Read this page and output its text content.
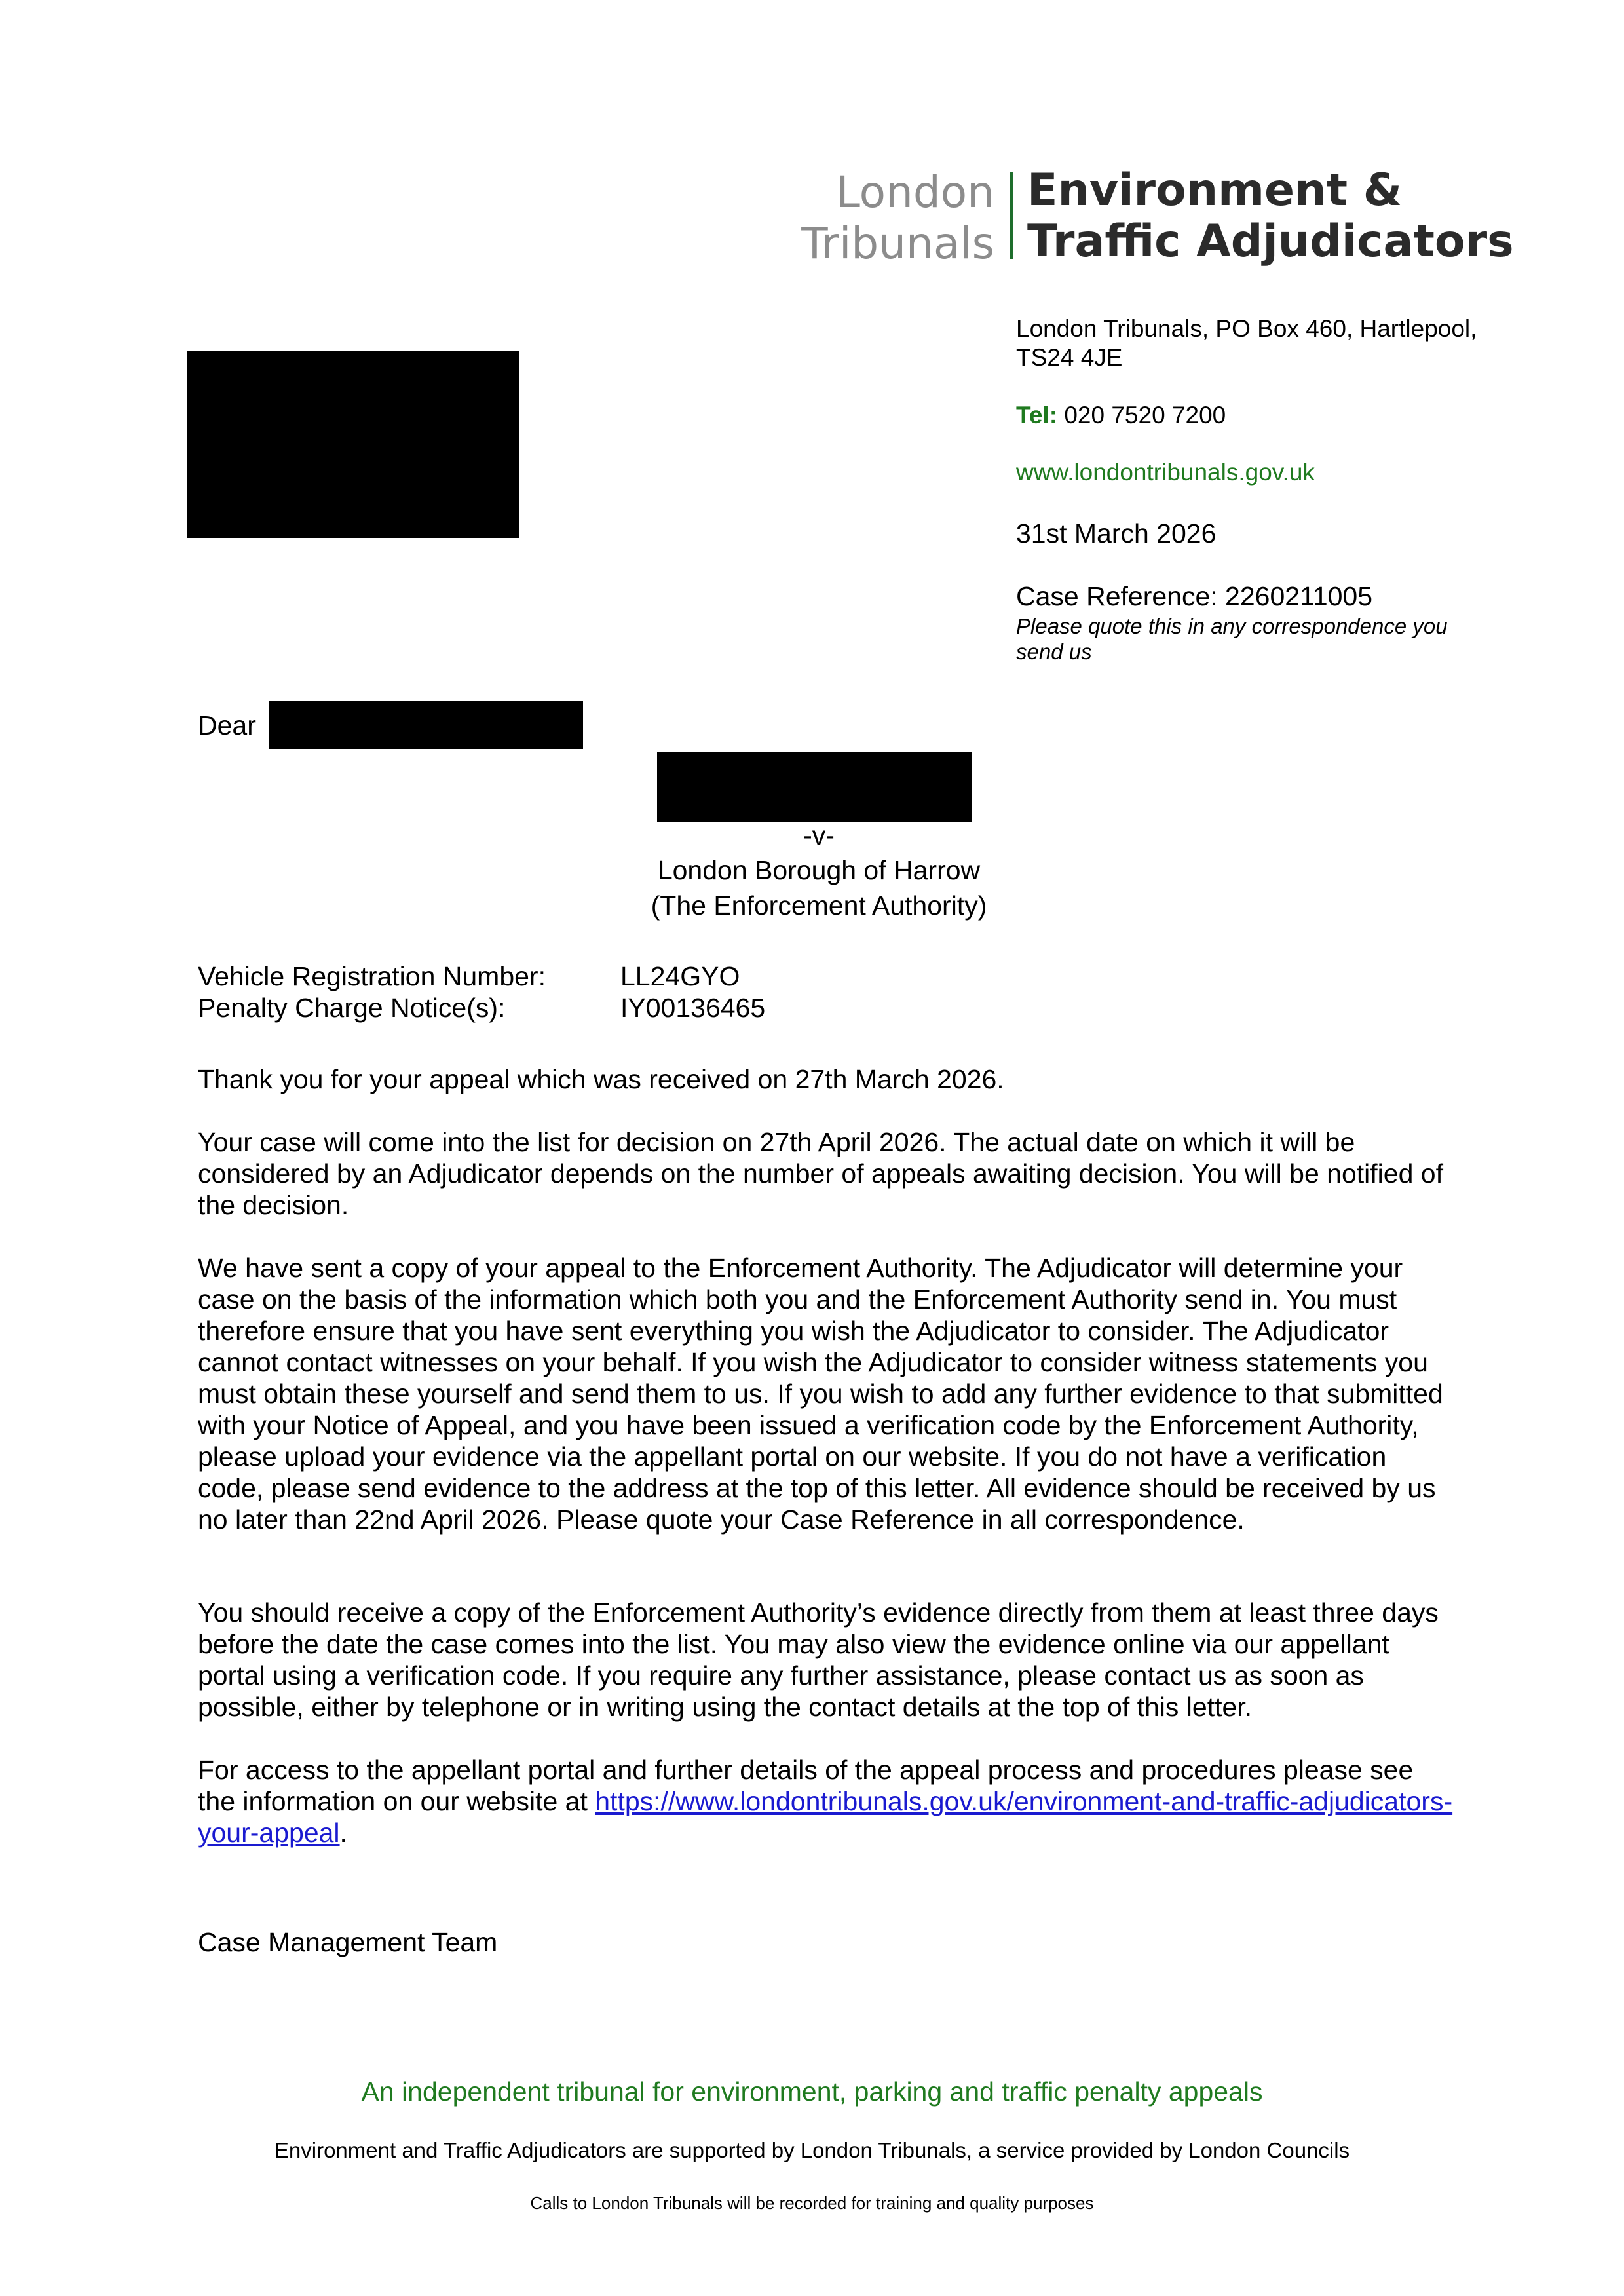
London
Tribunals
Environment &
Traffic Adjudicators
London Tribunals, PO Box 460, Hartlepool,
TS24 4JE
Tel: 020 7520 7200
www.londontribunals.gov.uk
31st March 2026
Case Reference: 2260211005
Please quote this in any correspondence you
send us
Dear
-v-
London Borough of Harrow
(The Enforcement Authority)
Vehicle Registration Number:	LL24GYO
Penalty Charge Notice(s):	IY00136465
Thank you for your appeal which was received on 27th March 2026.
Your case will come into the list for decision on 27th April 2026. The actual date on which it will be considered by an Adjudicator depends on the number of appeals awaiting decision. You will be notified of the decision.
We have sent a copy of your appeal to the Enforcement Authority. The Adjudicator will determine your case on the basis of the information which both you and the Enforcement Authority send in. You must therefore ensure that you have sent everything you wish the Adjudicator to consider. The Adjudicator cannot contact witnesses on your behalf. If you wish the Adjudicator to consider witness statements you must obtain these yourself and send them to us. If you wish to add any further evidence to that submitted with your Notice of Appeal, and you have been issued a verification code by the Enforcement Authority, please upload your evidence via the appellant portal on our website. If you do not have a verification code, please send evidence to the address at the top of this letter. All evidence should be received by us no later than 22nd April 2026. Please quote your Case Reference in all correspondence.
You should receive a copy of the Enforcement Authority’s evidence directly from them at least three days before the date the case comes into the list. You may also view the evidence online via our appellant portal using a verification code. If you require any further assistance, please contact us as soon as possible, either by telephone or in writing using the contact details at the top of this letter.
For access to the appellant portal and further details of the appeal process and procedures please see the information on our website at https://www.londontribunals.gov.uk/environment-and-traffic-adjudicators-your-appeal.
Case Management Team
An independent tribunal for environment, parking and traffic penalty appeals
Environment and Traffic Adjudicators are supported by London Tribunals, a service provided by London Councils
Calls to London Tribunals will be recorded for training and quality purposes
